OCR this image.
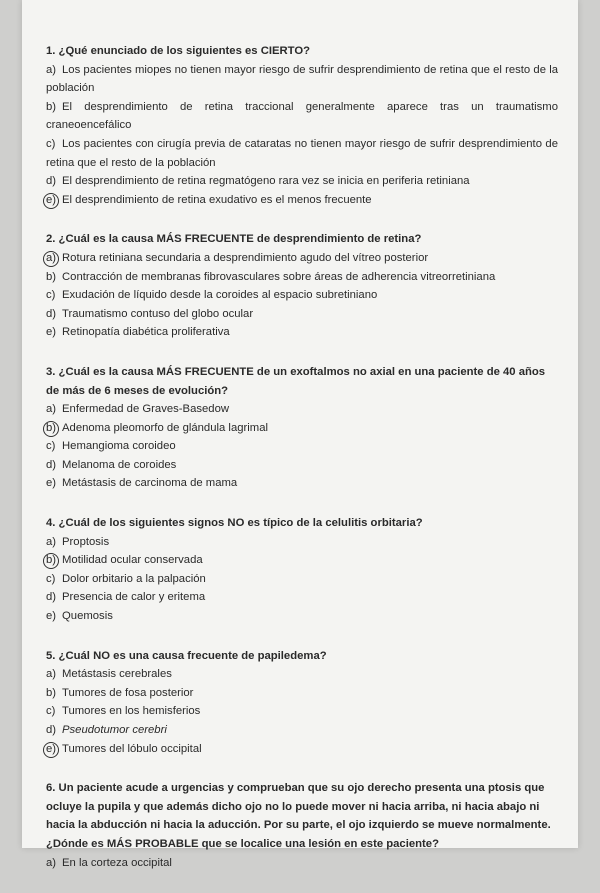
1. ¿Qué enunciado de los siguientes es CIERTO?
a) Los pacientes miopes no tienen mayor riesgo de sufrir desprendimiento de retina que el resto de la población
b) El desprendimiento de retina traccional generalmente aparece tras un traumatismo craneoencefálico
c) Los pacientes con cirugía previa de cataratas no tienen mayor riesgo de sufrir desprendimiento de retina que el resto de la población
d) El desprendimiento de retina regmatógeno rara vez se inicia en periferia retiniana
e) El desprendimiento de retina exudativo es el menos frecuente
2. ¿Cuál es la causa MÁS FRECUENTE de desprendimiento de retina?
a) Rotura retiniana secundaria a desprendimiento agudo del vítreo posterior
b) Contracción de membranas fibrovasculares sobre áreas de adherencia vitreorretiniana
c) Exudación de líquido desde la coroides al espacio subretiniano
d) Traumatismo contuso del globo ocular
e) Retinopatía diabética proliferativa
3. ¿Cuál es la causa MÁS FRECUENTE de un exoftalmos no axial en una paciente de 40 años de más de 6 meses de evolución?
a) Enfermedad de Graves-Basedow
b) Adenoma pleomorfo de glándula lagrimal
c) Hemangioma coroideo
d) Melanoma de coroides
e) Metástasis de carcinoma de mama
4. ¿Cuál de los siguientes signos NO es típico de la celulitis orbitaria?
a) Proptosis
b) Motilidad ocular conservada
c) Dolor orbitario a la palpación
d) Presencia de calor y eritema
e) Quemosis
5. ¿Cuál NO es una causa frecuente de papiledema?
a) Metástasis cerebrales
b) Tumores de fosa posterior
c) Tumores en los hemisferios
d) Pseudotumor cerebri
e) Tumores del lóbulo occipital
6. Un paciente acude a urgencias y comprueban que su ojo derecho presenta una ptosis que ocluye la pupila y que además dicho ojo no lo puede mover ni hacia arriba, ni hacia abajo ni hacia la abducción ni hacia la aducción. Por su parte, el ojo izquierdo se mueve normalmente. ¿Dónde es MÁS PROBABLE que se localice una lesión en este paciente?
a) En la corteza occipital
